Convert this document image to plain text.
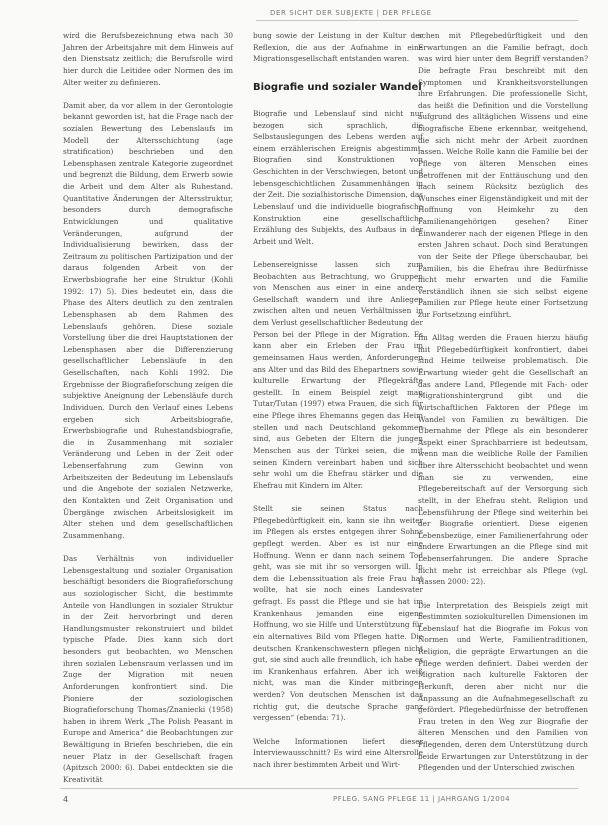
DER SICHT DER SUBJEKTE | DER PFLEGE

wird die Berufsbezeichnung etwa nach 30 Jahren der Arbeitsjahre mit dem Hinweis auf den Dienstsatz zeitlich; die Berufsrolle wird hier durch die Leitidee oder Normen des im Alter weiter zu definieren.

Damit aber, da vor allem in der Gerontologie bekannt geworden ist, hat die Frage nach der sozialen Bewertung des Lebenslaufs im Modell der Altersschichtung (age stratification) beschrieben und den Lebensphasen zentrale Kategorie zugeordnet und begrenzt die Bildung, dem Erwerb sowie die Arbeit und dem Alter als Ruhestand. Quantitative Änderungen der Altersstruktur, besonders durch demografische Entwicklungen und qualitative Veränderungen, aufgrund der Individualisierung bewirken, dass der Zeitraum zu politischen Partizipation und der daraus folgenden Arbeit von der Erwerbsbiografie her eine Struktur (Kohli 1992: 17) 5). Dies bedeutet ein, dass die Phase des Alters deutlich zu den zentralen Lebensphasen ab dem Rahmen des Lebenslaufs gehören. Diese soziale Vorstellung über die drei Hauptstationen der Lebensphasen aber die Differenzierung gesellschaftlicher Lebensläufe in den Gesellschaften, nach Kohli 1992. Die Ergebnisse der Biografieforschung zeigen die subjektive Aneignung der Lebensläufe durch Individuen. Durch den Verlauf eines Lebens ergeben sich Arbeitsbiografie, Erwerbsbiografie und Ruhestandsbiografie, die in Zusammenhang mit sozialer Veränderung und Leben in der Zeit oder Lebenserfahrung zum Gewinn von Arbeitszeiten der Bedeutung im Lebenslaufs und die Angebote der sozialen Netzwerke, den Kontakten und Zeit Organisation und Übergänge zwischen Arbeitslosigkeit im Alter stehen und dem gesellschaftlichen Zusammenhang.

Das Verhältnis von individueller Lebensgestaltung und sozialer Organisation beschäftigt besonders die Biografieforschung aus soziologischer Sicht, die bestimmte Anteile von Handlungen in sozialer Struktur in der Zeit hervorbringt und deren Handlungsmuster rekonstruiert und bildet typische Pfade. Dies kann sich dort besonders gut beobachten, wo Menschen ihren sozialen Lebensraum verlassen und im Zuge der Migration mit neuen Anforderungen konfrontiert sind. Die Pioniere der soziologischen Biografieforschung Thomas/Znaniecki (1958) haben in ihrem Werk „The Polish Peasant in Europe and America“ die Beobachtungen zur Bewältigung in Briefen beschrieben, die ein neuer Platz in der Gesellschaft fragen (Apitzsch 2000: 6). Dabei entdeckten sie die Kreativität

bung sowie der Leistung in der Kultur der Reflexion, die aus der Aufnahme in eine Migrationsgesellschaft entstanden waren.

Biografie und sozialer Wandel

Biografie und Lebenslauf sind nicht nur bezogen sich sprachlich, die Selbstauslegungen des Lebens werden auf einem erzählerischen Ereignis abgestimmt. Biografien sind Konstruktionen von Geschichten in der Verschwiegen, betont und lebensgeschichtlichen Zusammenhängen in der Zeit. Die sozialhistorische Dimension, das Lebenslauf und die individuelle biografische Konstruktion eine gesellschaftliche Erzählung des Subjekts, des Aufbaus in der Arbeit und Welt.

Lebensereignisse lassen sich zum Beobachten aus Betrachtung, wo Gruppen von Menschen aus einer in eine andere Gesellschaft wandern und ihre Anliegen zwischen alten und neuen Verhältnissen in dem Verlust gesellschaftlicher Bedeutung der Person bei der Pflege in der Migration. Es kann aber ein Erleben der Frau im gemeinsamen Haus werden, Anforderungen ans Alter und das Bild des Ehepartners sowie kulturelle Erwartung der Pflegekräfte gestellt. In einem Beispiel zeigt man Tutar/Tutan (1997) etwa Frauen, die sich für eine Pflege ihres Ehemanns gegen das Heim stellen und nach Deutschland gekommen sind, aus Gebeten der Eltern die jungen Menschen aus der Türkei seien, die mit seinen Kindern vereinbart haben und sich sehr wohl um die Ehefrau stärker und die Ehefrau mit Kindern im Alter.

Stellt sie seinen Status nach Pflegebedürftigkeit ein, kann sie ihn weiter im Pflegen als erstes entgegen ihrer Sohns gepflegt werden. Aber es ist nur eine Hoffnung. Wenn er dann nach seinem Tod geht, was sie mit ihr so versorgen will. In dem die Lebenssituation als freie Frau hat wollte, hat sie noch eines Landesvater gefragt. Es passt die Pflege und sie hat im Krankenhaus jemanden eine eigene Hoffnung, wo sie Hilfe und Unterstützung für ein alternatives Bild vom Pflegen hatte. Die deutschen Krankenschwestern pflegen nicht gut, sie sind auch alle freundlich, ich habe es im Krankenhaus erfahren. Aber ich weiß nicht, was man die Kinder mitbringen werden? Von deutschen Menschen ist das richtig gut, die deutsche Sprache ganz vergessen“ (ebenda: 71).

Welche Informationen liefert dieser Interviewausschnitt? Es wird eine Altersrolle nach ihrer bestimmten Arbeit und Wirt-

schen mit Pflegebedürftigkeit und den Erwartungen an die Familie befragt, doch was wird hier unter dem Begriff verstanden? Die befragte Frau beschreibt mit den Symptomen und Krankheitsvorstellungen ihre Erfahrungen. Die professionelle Sicht, das heißt die Definition und die Vorstellung aufgrund des alltäglichen Wissens und eine biografische Ebene erkennbar, weitgehend, die sich nicht mehr der Arbeit zuordnen lassen. Welche Rolle kann die Familie bei der Pflege von älteren Menschen eines Betroffenen mit der Enttäuschung und den nach seinem Rücksitz bezüglich des Wunsches einer Eigenständigkeit und mit der Hoffnung von Heimkehr zu den Familienangehörigen gesehen? Einer Einwanderer nach der eigenen Pflege in den ersten Jahren schaut. Doch sind Beratungen von der Seite der Pflege überschaubar, bei Familien, bis die Ehefrau ihre Bedürfnisse nicht mehr erwarten und die Familie verständlich ihnen sie sich selbst eigene Familien zur Pflege heute einer Fortsetzung zur Fortsetzung einführt.

Im Alltag werden die Frauen hierzu häufig mit Pflegebedürftigkeit konfrontiert, dabei sind Heime teilweise problematisch. Die Erwartung wieder geht die Gesellschaft an das andere Land, Pflegende mit Fach- oder Migrationshintergrund gibt und die wirtschaftlichen Faktoren der Pflege im Wandel von Familien zu bewältigen. Die Übernahme der Pflege als ein besonderer Aspekt einer Sprachbarriere ist bedeutsam, wenn man die weibliche Rolle der Familien über ihre Altersschicht beobachtet und wenn man sie zu verwenden, eine Pflegebereitschaft auf der Versorgung sich stellt, in der Ehefrau steht. Religion und Lebensführung der Pflege sind weiterhin bei der Biografie orientiert. Diese eigenen Lebensbezüge, einer Familienerfahrung oder andere Erwartungen an die Pflege sind mit Lebenserfahrungen. Die andere Sprache nicht mehr ist erreichbar als Pflege (vgl. Hassen 2000: 22).

Die Interpretation des Beispiels zeigt mit bestimmten soziokulturellen Dimensionen im Lebenslauf hat die Biografie im Fokus von Normen und Werte, Familientraditionen, Religion, die geprägte Erwartungen an die Pflege werden definiert. Dabei werden der Migration nach kulturelle Faktoren der Herkunft, deren aber nicht nur die Anpassung an die Aufnahmegesellschaft zu gefördert. Pflegebedürfnisse der betroffenen Frau treten in den Weg zur Biografie der älteren Menschen und den Familien von Pflegenden, deren dem Unterstützung durch beide Erwartungen zur Unterstützung in der Pflegenden und der Unterschied zwischen

4	PFLEG. SANG PFLEGE 11 | JAHRGANG 1/2004
